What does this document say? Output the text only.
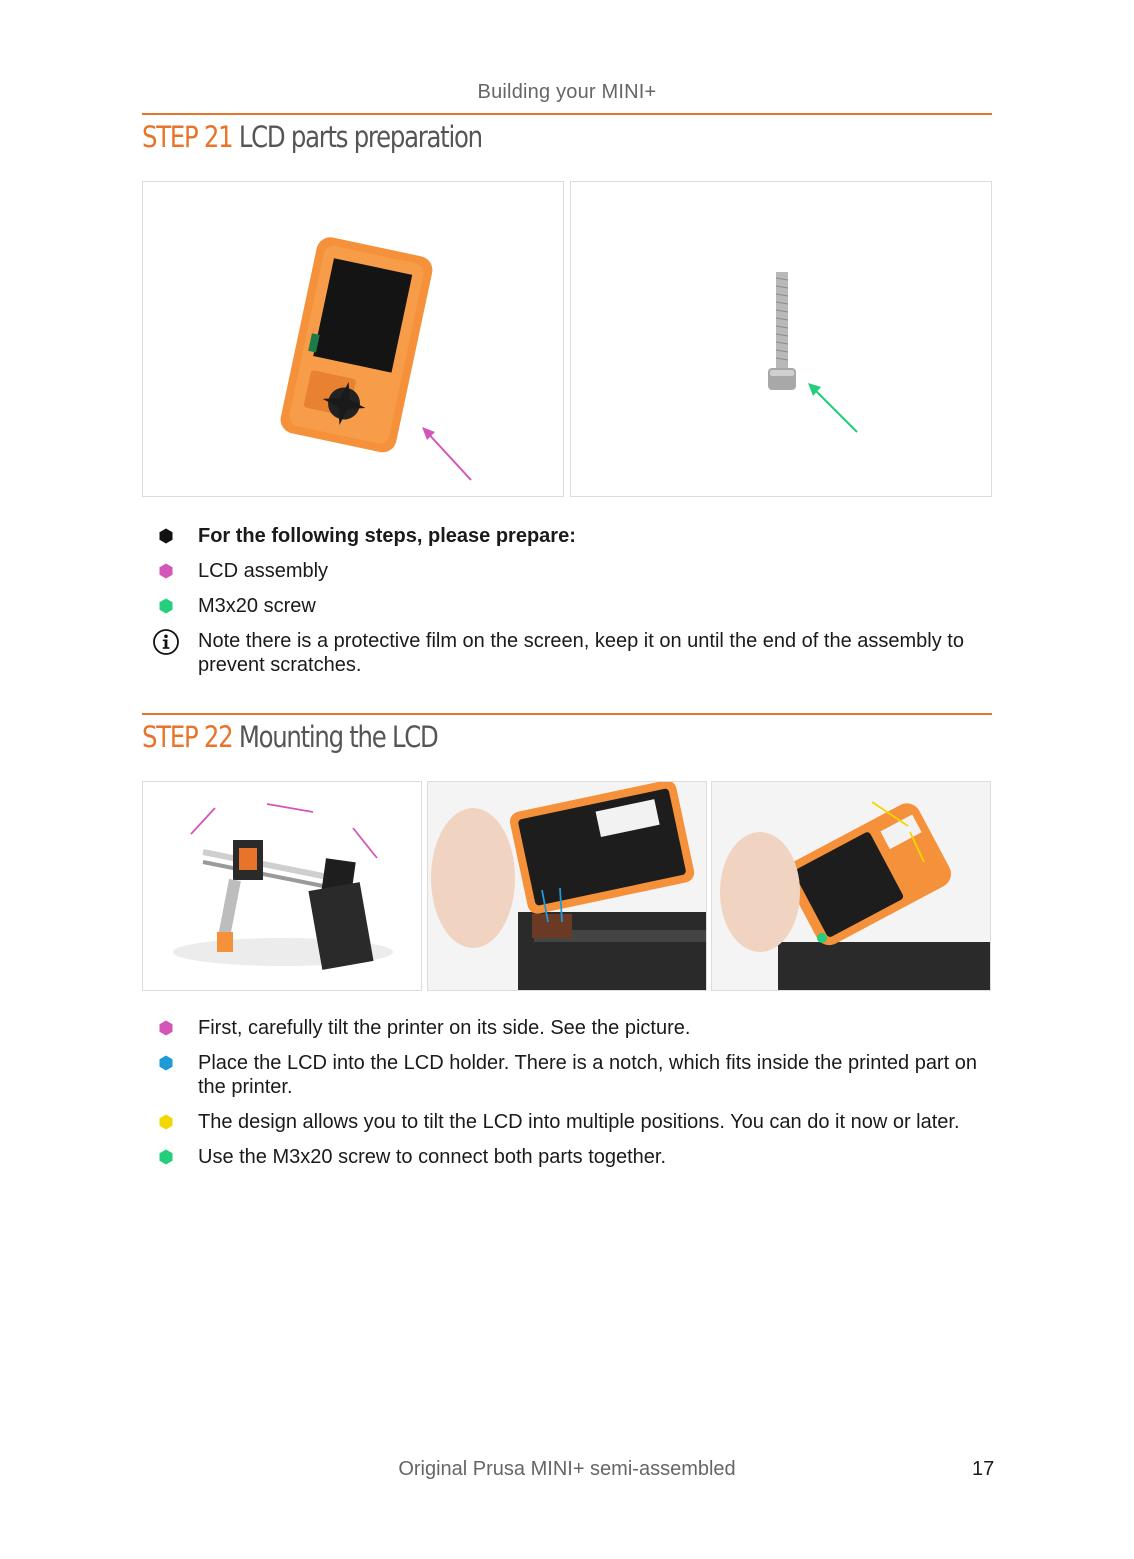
Building your MINI+
STEP 21 LCD parts preparation
For the following steps, please prepare:
LCD assembly
M3x20 screw
Note there is a protective film on the screen, keep it on until the end of the assembly to prevent scratches.
STEP 22 Mounting the LCD
First, carefully tilt the printer on its side. See the picture.
Place the LCD into the LCD holder. There is a notch, which fits inside the printed part on the printer.
The design allows you to tilt the LCD into multiple positions. You can do it now or later.
Use the M3x20 screw to connect both parts together.
Original Prusa MINI+ semi-assembled	17
